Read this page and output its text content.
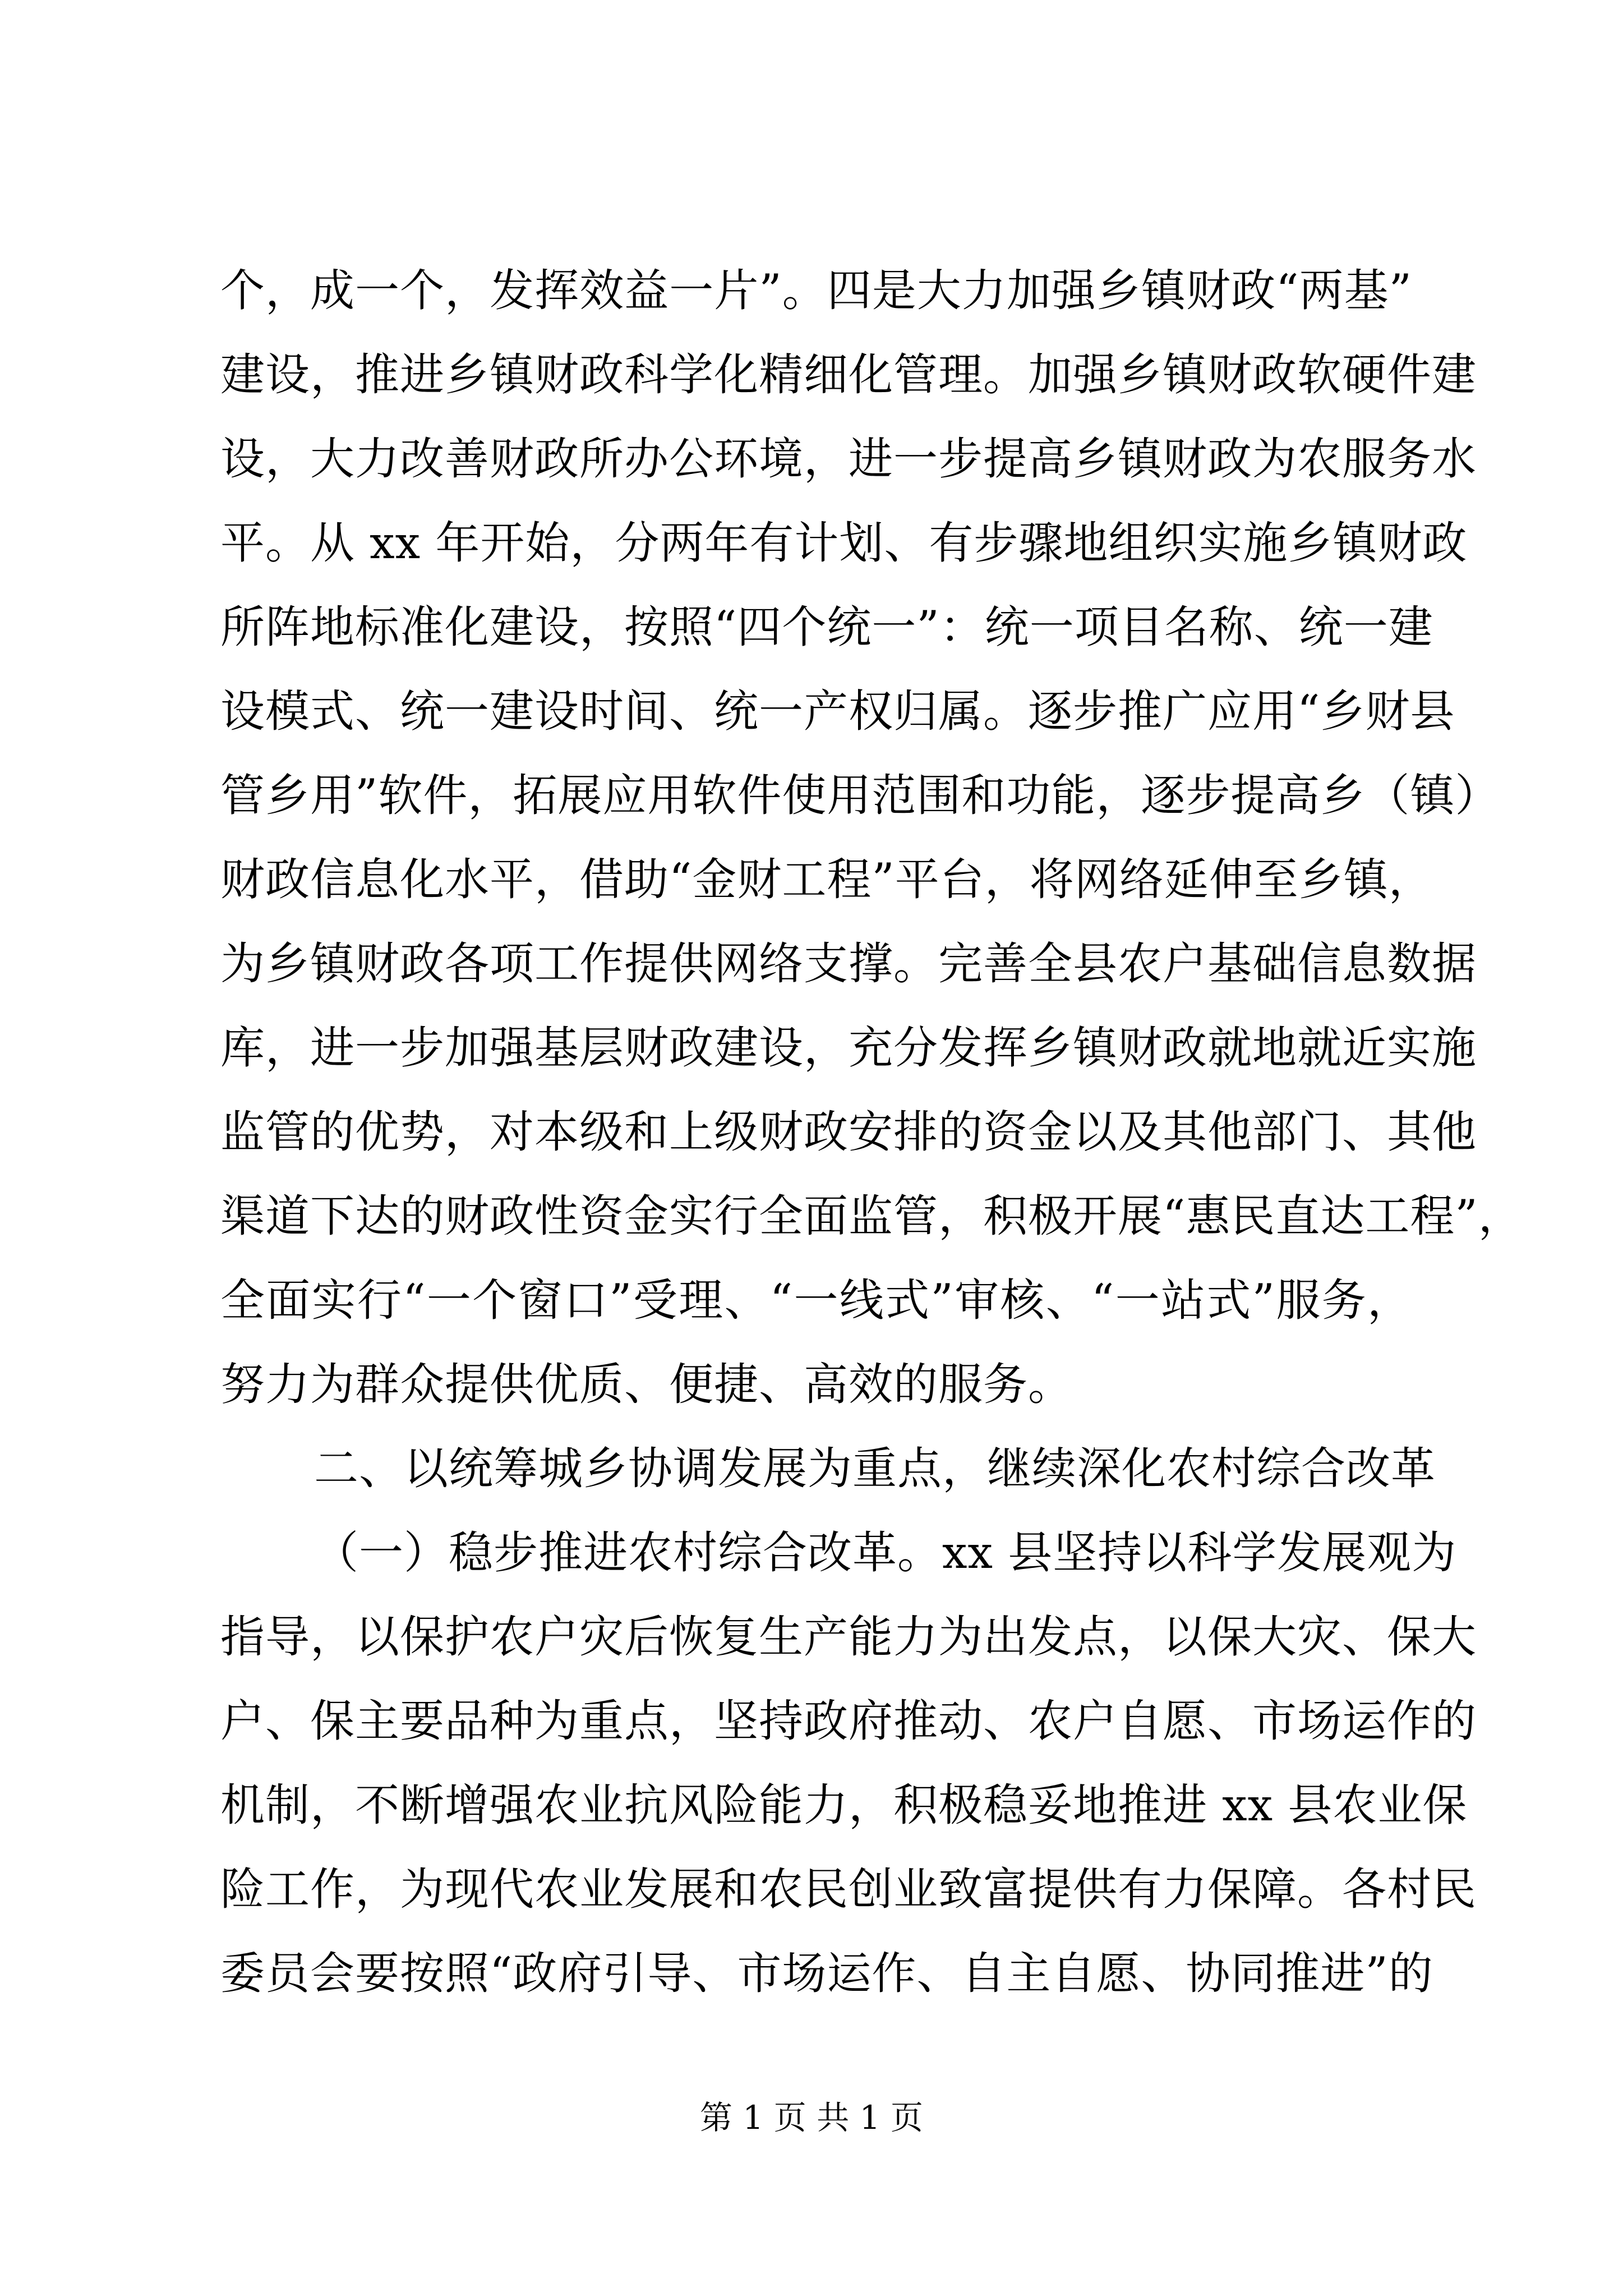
个，成一个，发挥效益一片”。四是大力加强乡镇财政“两基”
建设，推进乡镇财政科学化精细化管理。加强乡镇财政软硬件建
设，大力改善财政所办公环境，进一步提高乡镇财政为农服务水
平。从 xx 年开始，分两年有计划、有步骤地组织实施乡镇财政
所阵地标准化建设，按照“四个统一”：统一项目名称、统一建
设模式、统一建设时间、统一产权归属。逐步推广应用“乡财县
管乡用”软件，拓展应用软件使用范围和功能，逐步提高乡（镇）
财政信息化水平，借助“金财工程”平台，将网络延伸至乡镇，
为乡镇财政各项工作提供网络支撑。完善全县农户基础信息数据
库，进一步加强基层财政建设，充分发挥乡镇财政就地就近实施
监管的优势，对本级和上级财政安排的资金以及其他部门、其他
渠道下达的财政性资金实行全面监管，积极开展“惠民直达工程”，
全面实行“一个窗口”受理、“一线式”审核、“一站式”服务，
努力为群众提供优质、便捷、高效的服务。
二、以统筹城乡协调发展为重点，继续深化农村综合改革
（一）稳步推进农村综合改革。xx 县坚持以科学发展观为
指导，以保护农户灾后恢复生产能力为出发点，以保大灾、保大
户、保主要品种为重点，坚持政府推动、农户自愿、市场运作的
机制，不断增强农业抗风险能力，积极稳妥地推进 xx 县农业保
险工作，为现代农业发展和农民创业致富提供有力保障。各村民
委员会要按照“政府引导、市场运作、自主自愿、协同推进”的
第 1 页 共 1 页
